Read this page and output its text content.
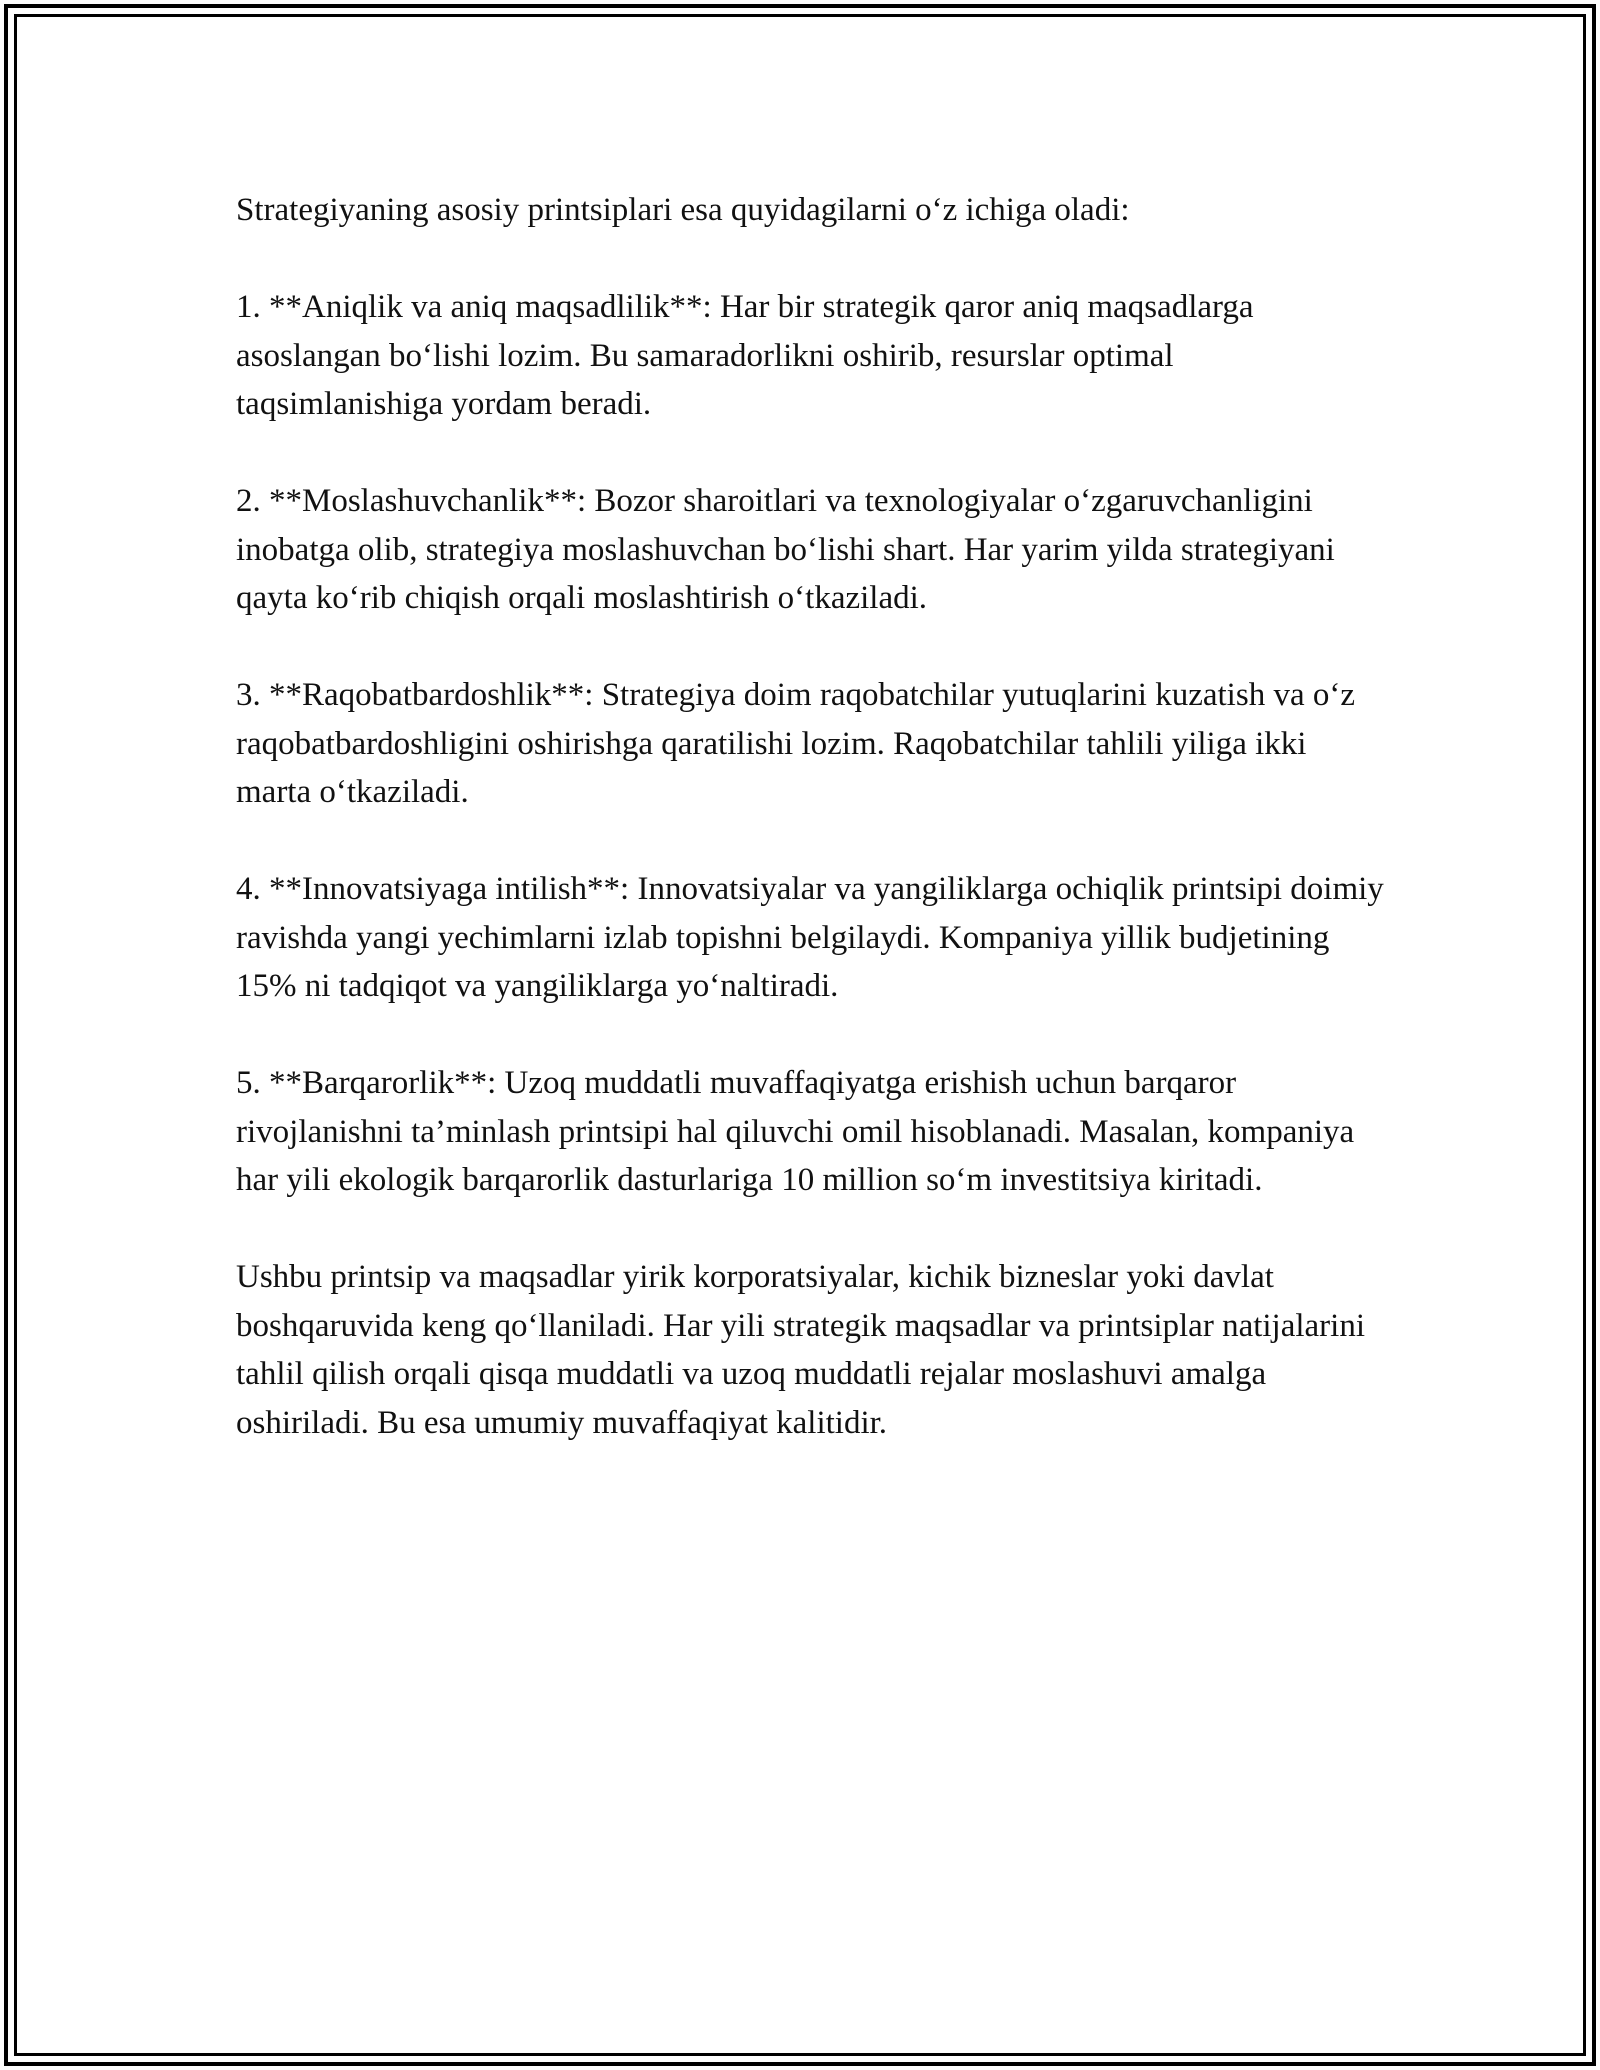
Strategiyaning asosiy printsiplari esa quyidagilarni o‘z ichiga oladi:

1. **Aniqlik va aniq maqsadlilik**: Har bir strategik qaror aniq maqsadlarga asoslangan bo‘lishi lozim. Bu samaradorlikni oshirib, resurslar optimal taqsimlanishiga yordam beradi.

2. **Moslashuvchanlik**: Bozor sharoitlari va texnologiyalar o‘zgaruvchanligini inobatga olib, strategiya moslashuvchan bo‘lishi shart. Har yarim yilda strategiyani qayta ko‘rib chiqish orqali moslashtirish o‘tkaziladi.

3. **Raqobatbardoshlik**: Strategiya doim raqobatchilar yutuqlarini kuzatish va o‘z raqobatbardoshligini oshirishga qaratilishi lozim. Raqobatchilar tahlili yiliga ikki marta o‘tkaziladi.

4. **Innovatsiyaga intilish**: Innovatsiyalar va yangiliklarga ochiqlik printsipi doimiy ravishda yangi yechimlarni izlab topishni belgilaydi. Kompaniya yillik budjetining 15% ni tadqiqot va yangiliklarga yo‘naltiradi.

5. **Barqarorlik**: Uzoq muddatli muvaffaqiyatga erishish uchun barqaror rivojlanishni ta’minlash printsipi hal qiluvchi omil hisoblanadi. Masalan, kompaniya har yili ekologik barqarorlik dasturlariga 10 million so‘m investitsiya kiritadi.

Ushbu printsip va maqsadlar yirik korporatsiyalar, kichik bizneslar yoki davlat boshqaruvida keng qo‘llaniladi. Har yili strategik maqsadlar va printsiplar natijalarini tahlil qilish orqali qisqa muddatli va uzoq muddatli rejalar moslashuvi amalga oshiriladi. Bu esa umumiy muvaffaqiyat kalitidir.
